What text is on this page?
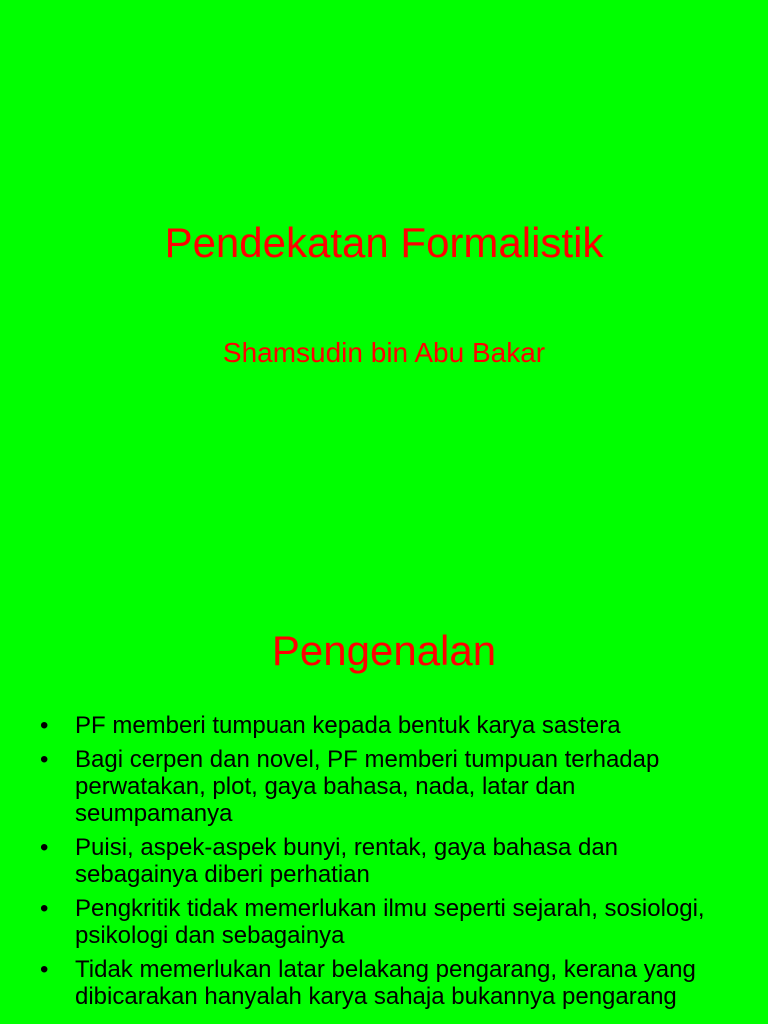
Pendekatan Formalistik
Shamsudin bin Abu Bakar
Pengenalan
•	PF memberi tumpuan kepada bentuk karya sastera
•	Bagi cerpen dan novel, PF memberi tumpuan terhadap perwatakan, plot, gaya bahasa, nada, latar dan seumpamanya
•	Puisi, aspek-aspek bunyi, rentak, gaya bahasa dan sebagainya diberi perhatian
•	Pengkritik tidak memerlukan ilmu seperti sejarah, sosiologi, psikologi dan sebagainya
•	Tidak memerlukan latar belakang pengarang, kerana yang dibicarakan hanyalah karya sahaja bukannya pengarang
